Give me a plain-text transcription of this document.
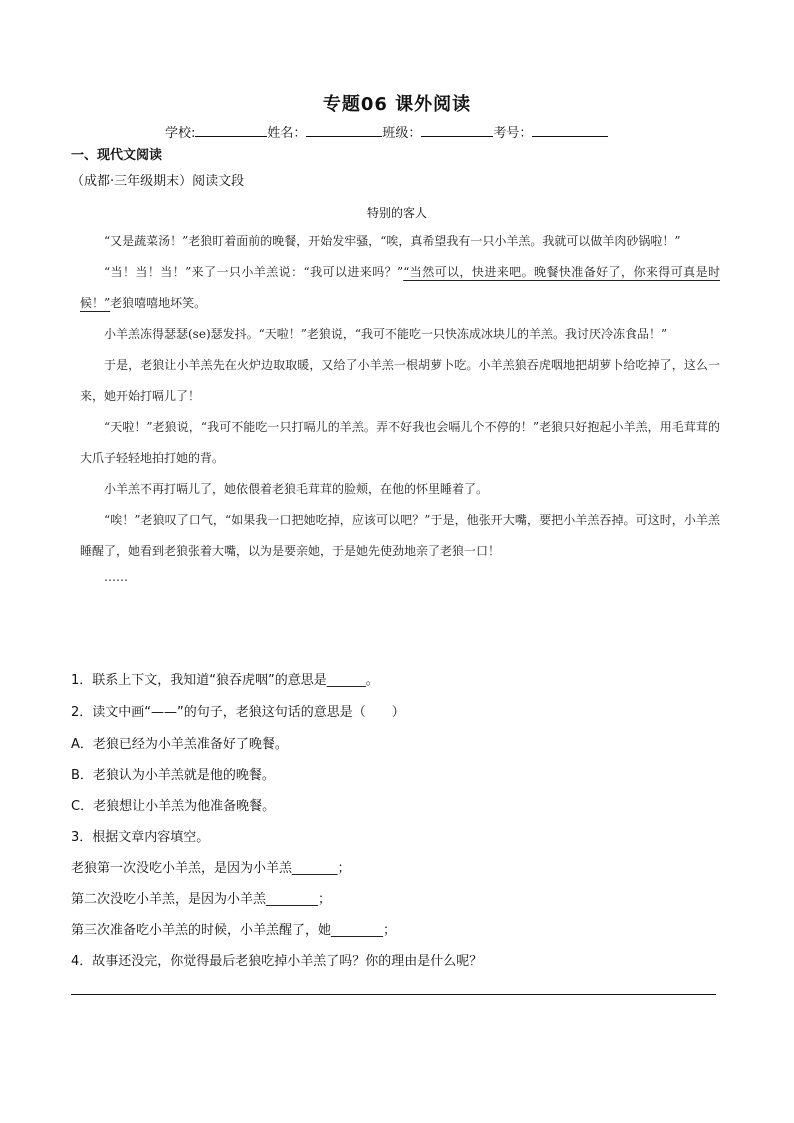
专题06 课外阅读
学校:	姓名：	班级：	考号：
一、现代文阅读
（成都·三年级期末）阅读文段
特别的客人

“又是蔬菜汤！”老狼盯着面前的晚餐，开始发牢骚，“唉，真希望我有一只小羊羔。我就可以做羊肉砂锅啦！”

“当！当！当！”来了一只小羊羔说：“我可以进来吗？”“当然可以，快进来吧。晚餐快准备好了，你来得可真是时候！”老狼嘻嘻地坏笑。

小羊羔冻得瑟瑟(se)瑟发抖。“天啦！”老狼说，“我可不能吃一只快冻成冰块儿的羊羔。我讨厌冷冻食品！”

于是，老狼让小羊羔先在火炉边取取暖，又给了小羊羔一根胡萝卜吃。小羊羔狼吞虎咽地把胡萝卜给吃掉了，这么一来，她开始打嗝儿了！

“天啦！”老狼说，“我可不能吃一只打嗝儿的羊羔。弄不好我也会嗝儿个不停的！”老狼只好抱起小羊羔，用毛茸茸的大爪子轻轻地拍打她的背。

小羊羔不再打嗝儿了，她依偎着老狼毛茸茸的脸颊，在他的怀里睡着了。

“唉！”老狼叹了口气，“如果我一口把她吃掉，应该可以吧？”于是，他张开大嘴，要把小羊羔吞掉。可这时，小羊羔睡醒了，她看到老狼张着大嘴，以为是要亲她，于是她先使劲地亲了老狼一口！

……

1．联系上下文，我知道“狼吞虎咽”的意思是______。
2．读文中画“——”的句子，老狼这句话的意思是（　　）
A．老狼已经为小羊羔准备好了晚餐。
B．老狼认为小羊羔就是他的晚餐。
C．老狼想让小羊羔为他准备晚餐。
3．根据文章内容填空。
老狼第一次没吃小羊羔，是因为小羊羔_______；
第二次没吃小羊羔，是因为小羊羔________；
第三次准备吃小羊羔的时候，小羊羔醒了，她________；
4．故事还没完，你觉得最后老狼吃掉小羊羔了吗？你的理由是什么呢？
